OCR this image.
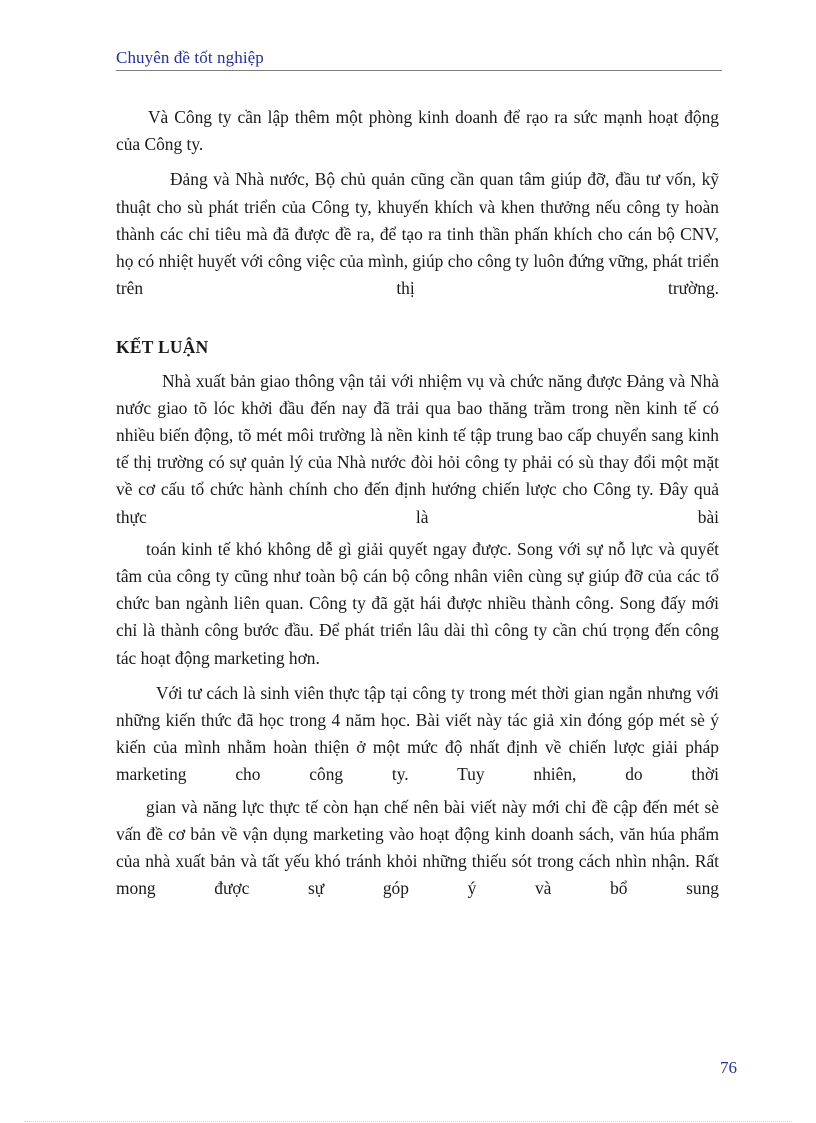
Chuyên đề tốt nghiệp

Và Công ty cần lập thêm một phòng kinh doanh để rạo ra sức mạnh hoạt động của Công ty.

Đảng và Nhà nước, Bộ chủ quản cũng cần quan tâm giúp đỡ, đầu tư vốn, kỹ thuật cho sù phát triển của Công ty, khuyến khích và khen thưởng nếu công ty hoàn thành các chỉ tiêu mà đã được đề ra, để tạo ra tinh thần phấn khích cho cán bộ CNV, họ có nhiệt huyết với công việc của mình, giúp cho công ty luôn đứng vững, phát triển trên thị trường.

KẾT LUẬN

Nhà xuất bản giao thông vận tải với nhiệm vụ và chức năng được Đảng và Nhà nước giao tõ lóc khởi đầu đến nay đã trải qua bao thăng trầm trong nền kinh tế có nhiều biến động, tõ mét môi trường là nền kinh tế tập trung bao cấp chuyển sang kinh tế thị trường có sự quản lý của Nhà nước đòi hỏi công ty phải có sù thay đổi một mặt về cơ cấu tổ chức hành chính cho đến định hướng chiến lược cho Công ty. Đây quả thực là bài

toán kinh tế khó không dễ gì giải quyết ngay được. Song với sự nỗ lực và quyết tâm của công ty cũng như toàn bộ cán bộ công nhân viên cùng sự giúp đỡ của các tổ chức ban ngành liên quan. Công ty đã gặt hái được nhiều thành công. Song đấy mới chỉ là thành công bước đầu. Để phát triển lâu dài thì công ty cần chú trọng đến công tác hoạt động marketing hơn.

Với tư cách là sinh viên thực tập tại công ty trong mét thời gian ngắn nhưng với những kiến thức đã học trong 4 năm học. Bài viết này tác giả xin đóng góp mét sè ý kiến của mình nhằm hoàn thiện ở một mức độ nhất định về chiến lược giải pháp marketing cho công ty. Tuy nhiên, do thời

gian và năng lực thực tế còn hạn chế nên bài viết này mới chỉ đề cập đến mét sè vấn đề cơ bản về vận dụng marketing vào hoạt động kinh doanh sách, văn húa phẩm của nhà xuất bản và tất yếu khó tránh khỏi những thiếu sót trong cách nhìn nhận. Rất mong được sự góp ý và bổ sung

76
